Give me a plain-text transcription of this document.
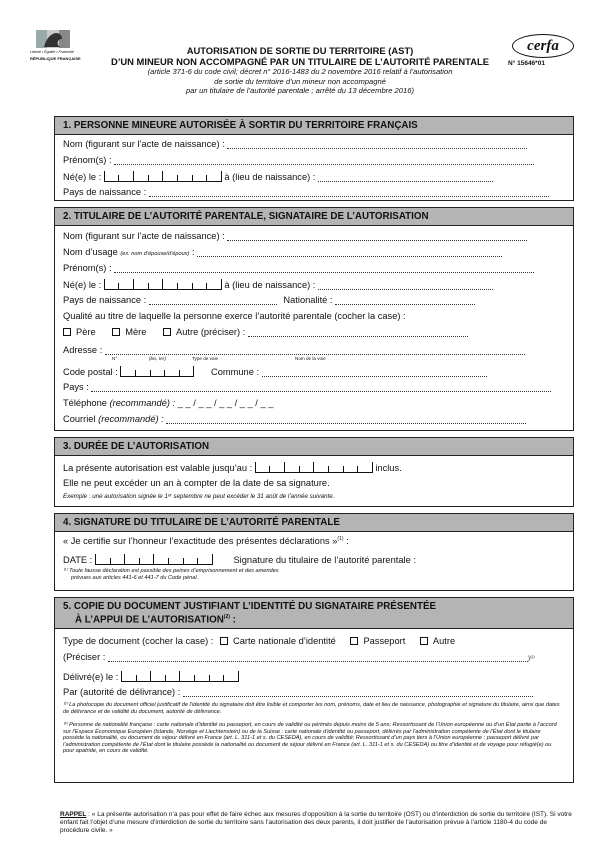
Liberté • Égalité • Fraternité
RÉPUBLIQUE FRANÇAISE
AUTORISATION DE SORTIE DU TERRITOIRE (AST)
D’UN MINEUR NON ACCOMPAGNÉ PAR UN TITULAIRE DE L’AUTORITÉ PARENTALE
(article 371-6 du code civil; décret n° 2016-1483 du 2 novembre 2016 relatif à l’autorisation
de sortie du territoire d’un mineur non accompagné
par un titulaire de l’autorité parentale ; arrêté du 13 décembre 2016)
cerfa
N° 15646*01
1. PERSONNE MINEURE AUTORISÉE À SORTIR DU TERRITOIRE FRANÇAIS
Nom (figurant sur l’acte de naissance) :
Prénom(s) :
Né(e) le :	à (lieu de naissance) :
Pays de naissance :
2. TITULAIRE DE L’AUTORITÉ PARENTALE, SIGNATAIRE DE L’AUTORISATION
Nom (figurant sur l’acte de naissance) :
Nom d’usage (ex. nom d’épouse/d’époux) :
Prénom(s) :
Né(e) le :	à (lieu de naissance) :
Pays de naissance :	Nationalité :
Qualité au titre de laquelle la personne exerce l’autorité parentale (cocher la case) :
Père	Mère	Autre (préciser) :
Adresse :
N°	(bis, ter)	Type de voie	Nom de la voie
Code postal :	Commune :
Pays :
Téléphone (recommandé) : _ _ / _ _ / _ _ / _ _ / _ _
Courriel (recommandé) :
3. DURÉE DE L’AUTORISATION
La présente autorisation est valable jusqu’au :	inclus.
Elle ne peut excéder un an à compter de la date de sa signature.
Exemple : une autorisation signée le 1ᵉʳ septembre ne peut excéder le 31 août de l’année suivante.
4. SIGNATURE DU TITULAIRE DE L’AUTORITÉ PARENTALE
« Je certifie sur l’honneur l’exactitude des présentes déclarations »$^{(1)}$ :
DATE :	Signature du titulaire de l’autorité parentale :
⁽¹⁾ Toute fausse déclaration est passible des peines d’emprisonnement et des amendes
prévues aux articles 441-6 et 441-7 du Code pénal.
5. COPIE DU DOCUMENT JUSTIFIANT L’IDENTITÉ DU SIGNATAIRE PRÉSENTÉE
À L’APPUI DE L’AUTORISATION$^{(2)}$ :
Type de document (cocher la case) : Carte nationale d’identité	Passeport	Autre
(Préciser :	)⁽²⁾
Délivré(e) le :
Par (autorité de délivrance) :
⁽²⁾ La photocopie du document officiel justificatif de l’identité du signataire doit être lisible et comporter les nom, prénoms, date et lieu de naissance, photographie et signature du titulaire, ainsi que dates de délivrance et de validité du document, autorité de délivrance.
⁽³⁾ Personne de nationalité française : carte nationale d’identité ou passeport, en cours de validité ou périmés depuis moins de 5 ans; Ressortissant de l’Union européenne ou d’un État partie à l’accord sur l’Espace Économique Européen (Islande, Norvège et Liechtenstein) ou de la Suisse : carte nationale d’identité ou passeport, délivrés par l’administration compétente de l’État dont le titulaire possède la nationalité, ou document de séjour délivré en France (art. L. 311-1 et s. du CESEDA), en cours de validité; Ressortissant d’un pays tiers à l’Union européenne : passeport délivré par l’administration compétente de l’État dont le titulaire possède la nationalité ou document de séjour délivré en France (art. L. 311-1 et s. du CESEDA) ou titre d’identité et de voyage pour réfugié(e) ou pour apatride, en cours de validité.
RAPPEL : « La présente autorisation n’a pas pour effet de faire échec aux mesures d’opposition à la sortie du territoire (OST) ou d’interdiction de sortie du territoire (IST). Si votre enfant fait l’objet d’une mesure d’interdiction de sortie du territoire sans l’autorisation des deux parents, il doit justifier de l’autorisation prévue à l’article 1180-4 du code de procédure civile. »
